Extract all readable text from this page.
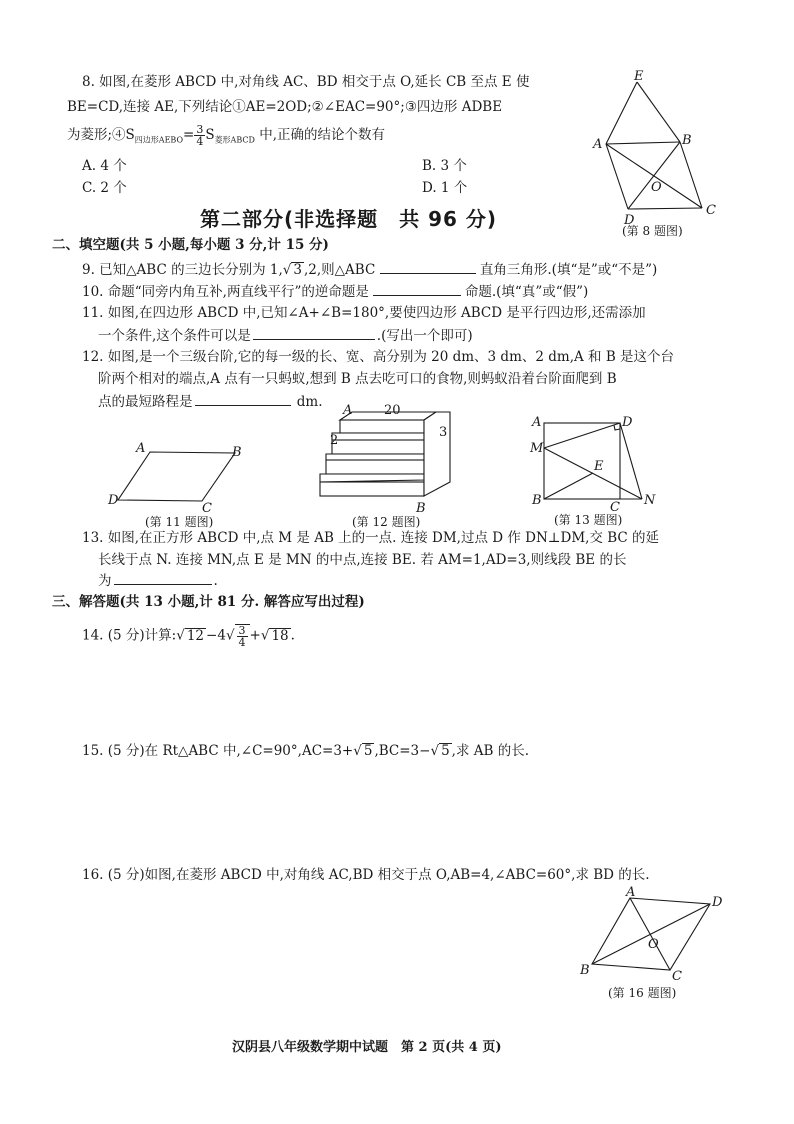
8. 如图,在菱形 ABCD 中,对角线 AC、BD 相交于点 O,延长 CB 至点 E 使
BE=CD,连接 AE,下列结论①AE=2OD;②∠EAC=90°;③四边形 ADBE
为菱形$;④S_{四边形AEBO}= \frac{3}{4} S_{菱形ABCD}$ 中,正确的结论个数有
A. 4 个	B. 3 个
C. 2 个	D. 1 个
E
A	B
O
D
C
(第 8 题图)
第二部分(非选择题　共 96 分)
二、填空题(共 5 小题,每小题 3 分,计 15 分)
9. 已知△ABC 的三边长分别为 1,√ 3 ,2,则△ABC	直角三角形.(填“是”或“不是”)
10. 命题“同旁内角互补,两直线平行”的逆命题是	命题.(填“真”或“假”)
11. 如图,在四边形 ABCD 中,已知∠A+∠B=180°,要使四边形 ABCD 是平行四边形,还需添加
一个条件,这个条件可以是	.(写出一个即可)
12. 如图,是一个三级台阶,它的每一级的长、宽、高分别为 20 dm、3 dm、2 dm,A 和 B 是这个台
阶两个相对的端点,A 点有一只蚂蚁,想到 B 点去吃可口的食物,则蚂蚁沿着台阶面爬到 B
点的最短路程是	dm.
A	B
C
D
(第 11 题图)
A 20
2
3
B
(第 12 题图)
A	D
M
E
B	C N
(第 13 题图)
13. 如图,在正方形 ABCD 中,点 M 是 AB 上的一点. 连接 DM,过点 D 作 DN⊥DM,交 BC 的延
长线于点 N. 连接 MN,点 E 是 MN 的中点,连接 BE. 若 AM=1,AD=3,则线段 BE 的长
为	.
三、解答题(共 13 小题,计 81 分. 解答应写出过程)
14. (5 分)计算:√ $12 -4√ \frac{3}{4}$ +√ 18 .
15. (5 分)在 Rt△ABC 中,∠C=90°,AC=3+√ 5 ,BC=3−√ 5 ,求 AB 的长.
16. (5 分)如图,在菱形 ABCD 中,对角线 AC,BD 相交于点 O,AB=4,∠ABC=60°,求 BD 的长.
A
D
O
B	C
(第 16 题图)
汉阴县八年级数学期中试题　第 2 页(共 4 页)
